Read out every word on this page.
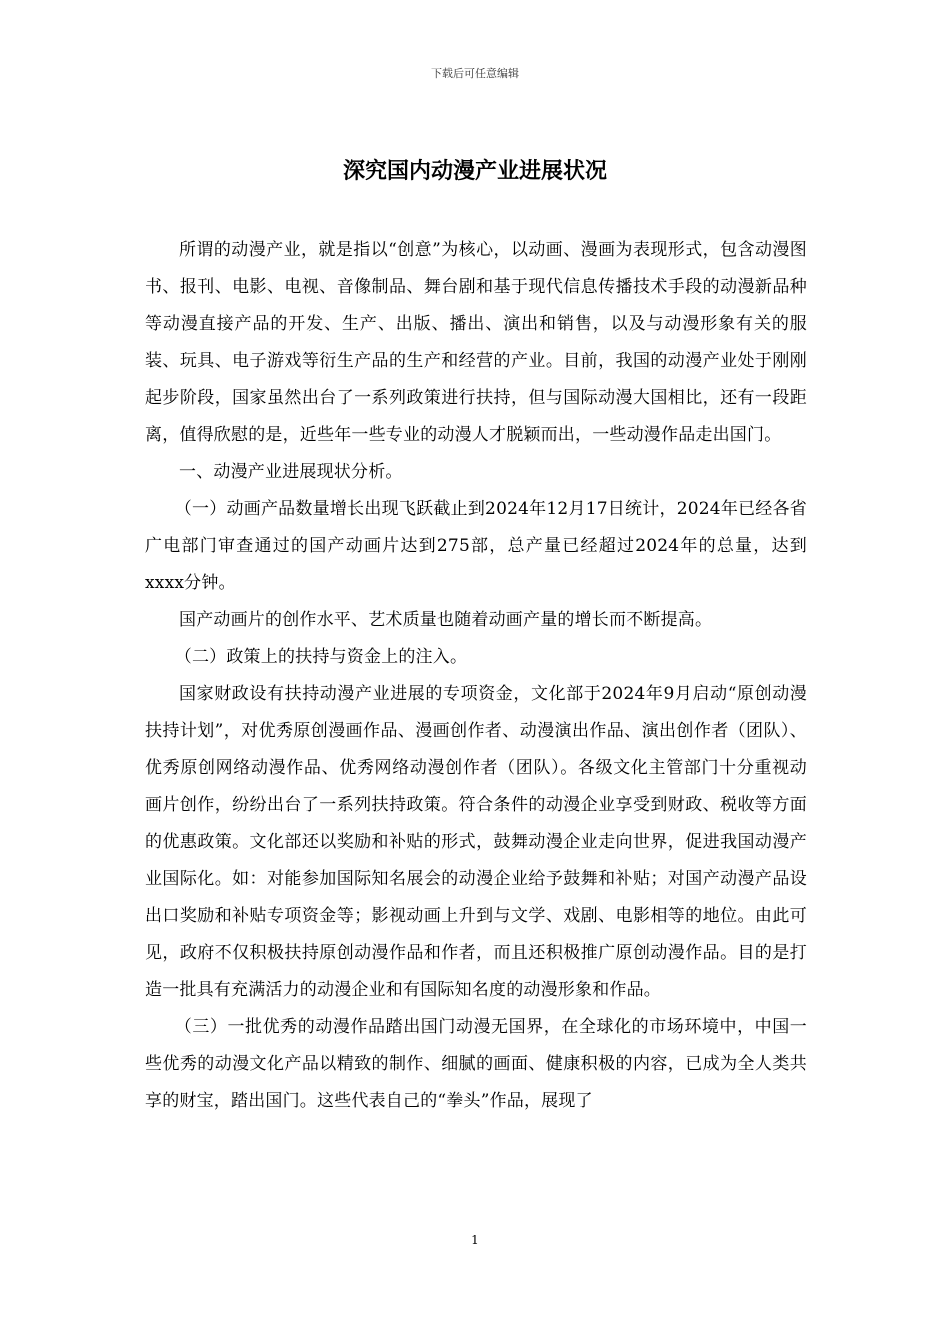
下载后可任意编辑
深究国内动漫产业进展状况

所谓的动漫产业，就是指以“创意”为核心，以动画、漫画为表现形式，包含动漫图书、报刊、电影、电视、音像制品、舞台剧和基于现代信息传播技术手段的动漫新品种等动漫直接产品的开发、生产、出版、播出、演出和销售，以及与动漫形象有关的服装、玩具、电子游戏等衍生产品的生产和经营的产业。目前，我国的动漫产业处于刚刚起步阶段，国家虽然出台了一系列政策进行扶持，但与国际动漫大国相比，还有一段距离，值得欣慰的是，近些年一些专业的动漫人才脱颖而出，一些动漫作品走出国门。

一、动漫产业进展现状分析。

（一）动画产品数量增长出现飞跃截止到2024年12月17日统计，2024年已经各省广电部门审查通过的国产动画片达到275部，总产量已经超过2024年的总量，达到xxxx分钟。

国产动画片的创作水平、艺术质量也随着动画产量的增长而不断提高。

（二）政策上的扶持与资金上的注入。

国家财政设有扶持动漫产业进展的专项资金，文化部于2024年9月启动“原创动漫扶持计划”，对优秀原创漫画作品、漫画创作者、动漫演出作品、演出创作者（团队）、优秀原创网络动漫作品、优秀网络动漫创作者（团队）。各级文化主管部门十分重视动画片创作，纷纷出台了一系列扶持政策。符合条件的动漫企业享受到财政、税收等方面的优惠政策。文化部还以奖励和补贴的形式，鼓舞动漫企业走向世界，促进我国动漫产业国际化。如：对能参加国际知名展会的动漫企业给予鼓舞和补贴；对国产动漫产品设出口奖励和补贴专项资金等；影视动画上升到与文学、戏剧、电影相等的地位。由此可见，政府不仅积极扶持原创动漫作品和作者，而且还积极推广原创动漫作品。目的是打造一批具有充满活力的动漫企业和有国际知名度的动漫形象和作品。

（三）一批优秀的动漫作品踏出国门动漫无国界，在全球化的市场环境中，中国一些优秀的动漫文化产品以精致的制作、细腻的画面、健康积极的内容，已成为全人类共享的财宝，踏出国门。这些代表自己的“拳头”作品，展现了

1
